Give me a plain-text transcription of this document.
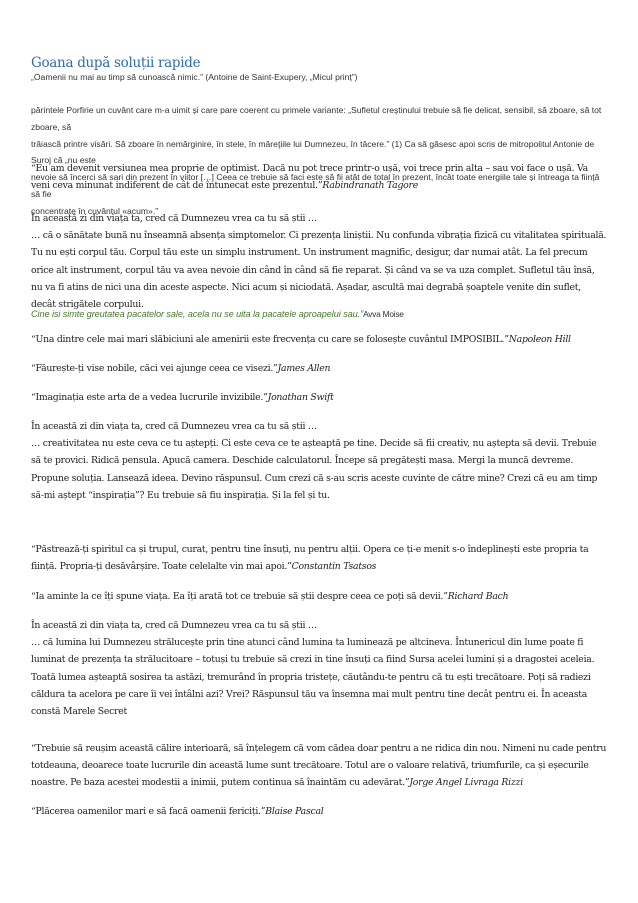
Goana după soluții rapide
„Oamenii nu mai au timp să cunoască nimic.” (Antoine de Saint-Exupery, „Micul prinț”)
părintele Porfirie un cuvânt care m-a uimit și care pare coerent cu primele variante: „Sufletul creștinului trebuie să fie delicat, sensibil, să zboare, să tot zboare, să
trăiască printre visări. Să zboare în nemărginire, în stele, în măreţiile lui Dumnezeu, în tăcere.” (1) Ca să găsesc apoi scris de mitropolitul Antonie de Suroj că „nu este
nevoie să încerci să sari din prezent în viitor […] Ceea ce trebuie să faci este să fii atât de total în prezent, încât toate energiile tale și întreaga ta ființă să fie
concentrate în cuvântul «acum».”
“Eu am devenit versiunea mea proprie de optimist. Dacă nu pot trece printr-o ușă, voi trece prin alta – sau voi face o ușă. Va veni ceva minunat indiferent de cât de întunecat este prezentul.”Rabindranath Tagore
În această zi din viața ta, cred că Dumnezeu vrea ca tu să știi …
… că o sănătate bună nu înseamnă absența simptomelor. Ci prezența liniștii. Nu confunda vibrația fizică cu vitalitatea spirituală. Tu nu ești corpul tău. Corpul tău este un simplu instrument. Un instrument magnific, desigur, dar numai atât. La fel precum orice alt instrument, corpul tău va avea nevoie din când în când să fie reparat. Și când va se va uza complet. Sufletul tău însă, nu va fi atins de nici una din aceste aspecte. Nici acum și niciodată. Așadar, ascultă mai degrabă șoaptele venite din suflet, decât strigătele corpului.
Cine isi simte greutatea pacatelor sale, acela nu se uita la pacatele aproapelui sau.”Avva Moise
“Una dintre cele mai mari slăbiciuni ale amenirii este frecvența cu care se folosește cuvântul IMPOSIBIL.”Napoleon Hill
“Făurește-ți vise nobile, căci vei ajunge ceea ce visezi.”James Allen
“Imaginația este arta de a vedea lucrurile invizibile.”Jonathan Swift
În această zi din viața ta, cred că Dumnezeu vrea ca tu să știi …
… creativitatea nu este ceva ce tu aștepți. Ci este ceva ce te așteaptă pe tine. Decide să fii creativ, nu aștepta să devii. Trebuie să te provici. Ridică pensula. Apucă camera. Deschide calculatorul. Începe să pregătești masa. Mergi la muncă devreme. Propune soluția. Lansează ideea. Devino răspunsul. Cum crezi că s-au scris aceste cuvinte de către mine? Crezi că eu am timp să-mi aștept “inspirația”? Eu trebuie să fiu inspirația. Și la fel și tu.
“Păstrează-ți spiritul ca și trupul, curat, pentru tine însuți, nu pentru alții. Opera ce ți-e menit s-o îndeplinești este propria ta ființă. Propria-ți desăvârșire. Toate celelalte vin mai apoi.”Constantin Tsatsos
“Ia aminte la ce îți spune viața. Ea îți arată tot ce trebuie să știi despre ceea ce poți să devii.”Richard Bach
În această zi din viața ta, cred că Dumnezeu vrea ca tu să știi …
… că lumina lui Dumnezeu strălucește prin tine atunci când lumina ta luminează pe altcineva. Întunericul din lume poate fi luminat de prezența ta strălucitoare – totuși tu trebuie să crezi in tine însuți ca fiind Sursa acelei lumini și a dragostei aceleia.
Toată lumea așteaptă sosirea ta astăzi, tremurând în propria tristețe, căutându-te pentru că tu ești trecătoare. Poți să radiezi căldura ta acelora pe care îi vei întâlni azi? Vrei? Răspunsul tău va însemna mai mult pentru tine decât pentru ei. În aceasta constă Marele Secret
“Trebuie să reușim această călire interioară, să înțelegem că vom cădea doar pentru a ne ridica din nou. Nimeni nu cade pentru totdeauna, deoarece toate lucrurile din această lume sunt trecătoare. Totul are o valoare relativă, triumfurile, ca și eșecurile noastre. Pe baza acestei modestii a inimii, putem continua să înaintăm cu adevărat.”Jorge Angel Livraga Rizzi
“Plăcerea oamenilor mari e să facă oamenii fericiți.”Blaise Pascal
